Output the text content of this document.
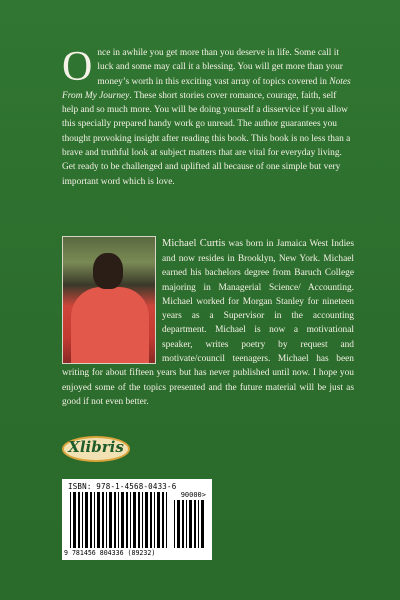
Once in awhile you get more than you deserve in life. Some call it luck and some may call it a blessing. You will get more than your money’s worth in this exciting vast array of topics covered in Notes From My Journey. These short stories cover romance, courage, faith, self help and so much more. You will be doing yourself a disservice if you allow this specially prepared handy work go unread. The author guarantees you thought provoking insight after reading this book. This book is no less than a brave and truthful look at subject matters that are vital for everyday living. Get ready to be challenged and uplifted all because of one simple but very important word which is love.

Michael Curtis was born in Jamaica West Indies and now resides in Brooklyn, New York. Michael earned his bachelors degree from Baruch College majoring in Managerial Science/ Accounting. Michael worked for Morgan Stanley for nineteen years as a Supervisor in the accounting department. Michael is now a motivational speaker, writes poetry by request and motivate/council teenagers. Michael has been writing for about fifteen years but has never published until now. I hope you enjoyed some of the topics presented and the future material will be just as good if not even better.

Xlibris
ISBN: 978-1-4568-0433-6
90000>
9 781456 804336 (89232)
